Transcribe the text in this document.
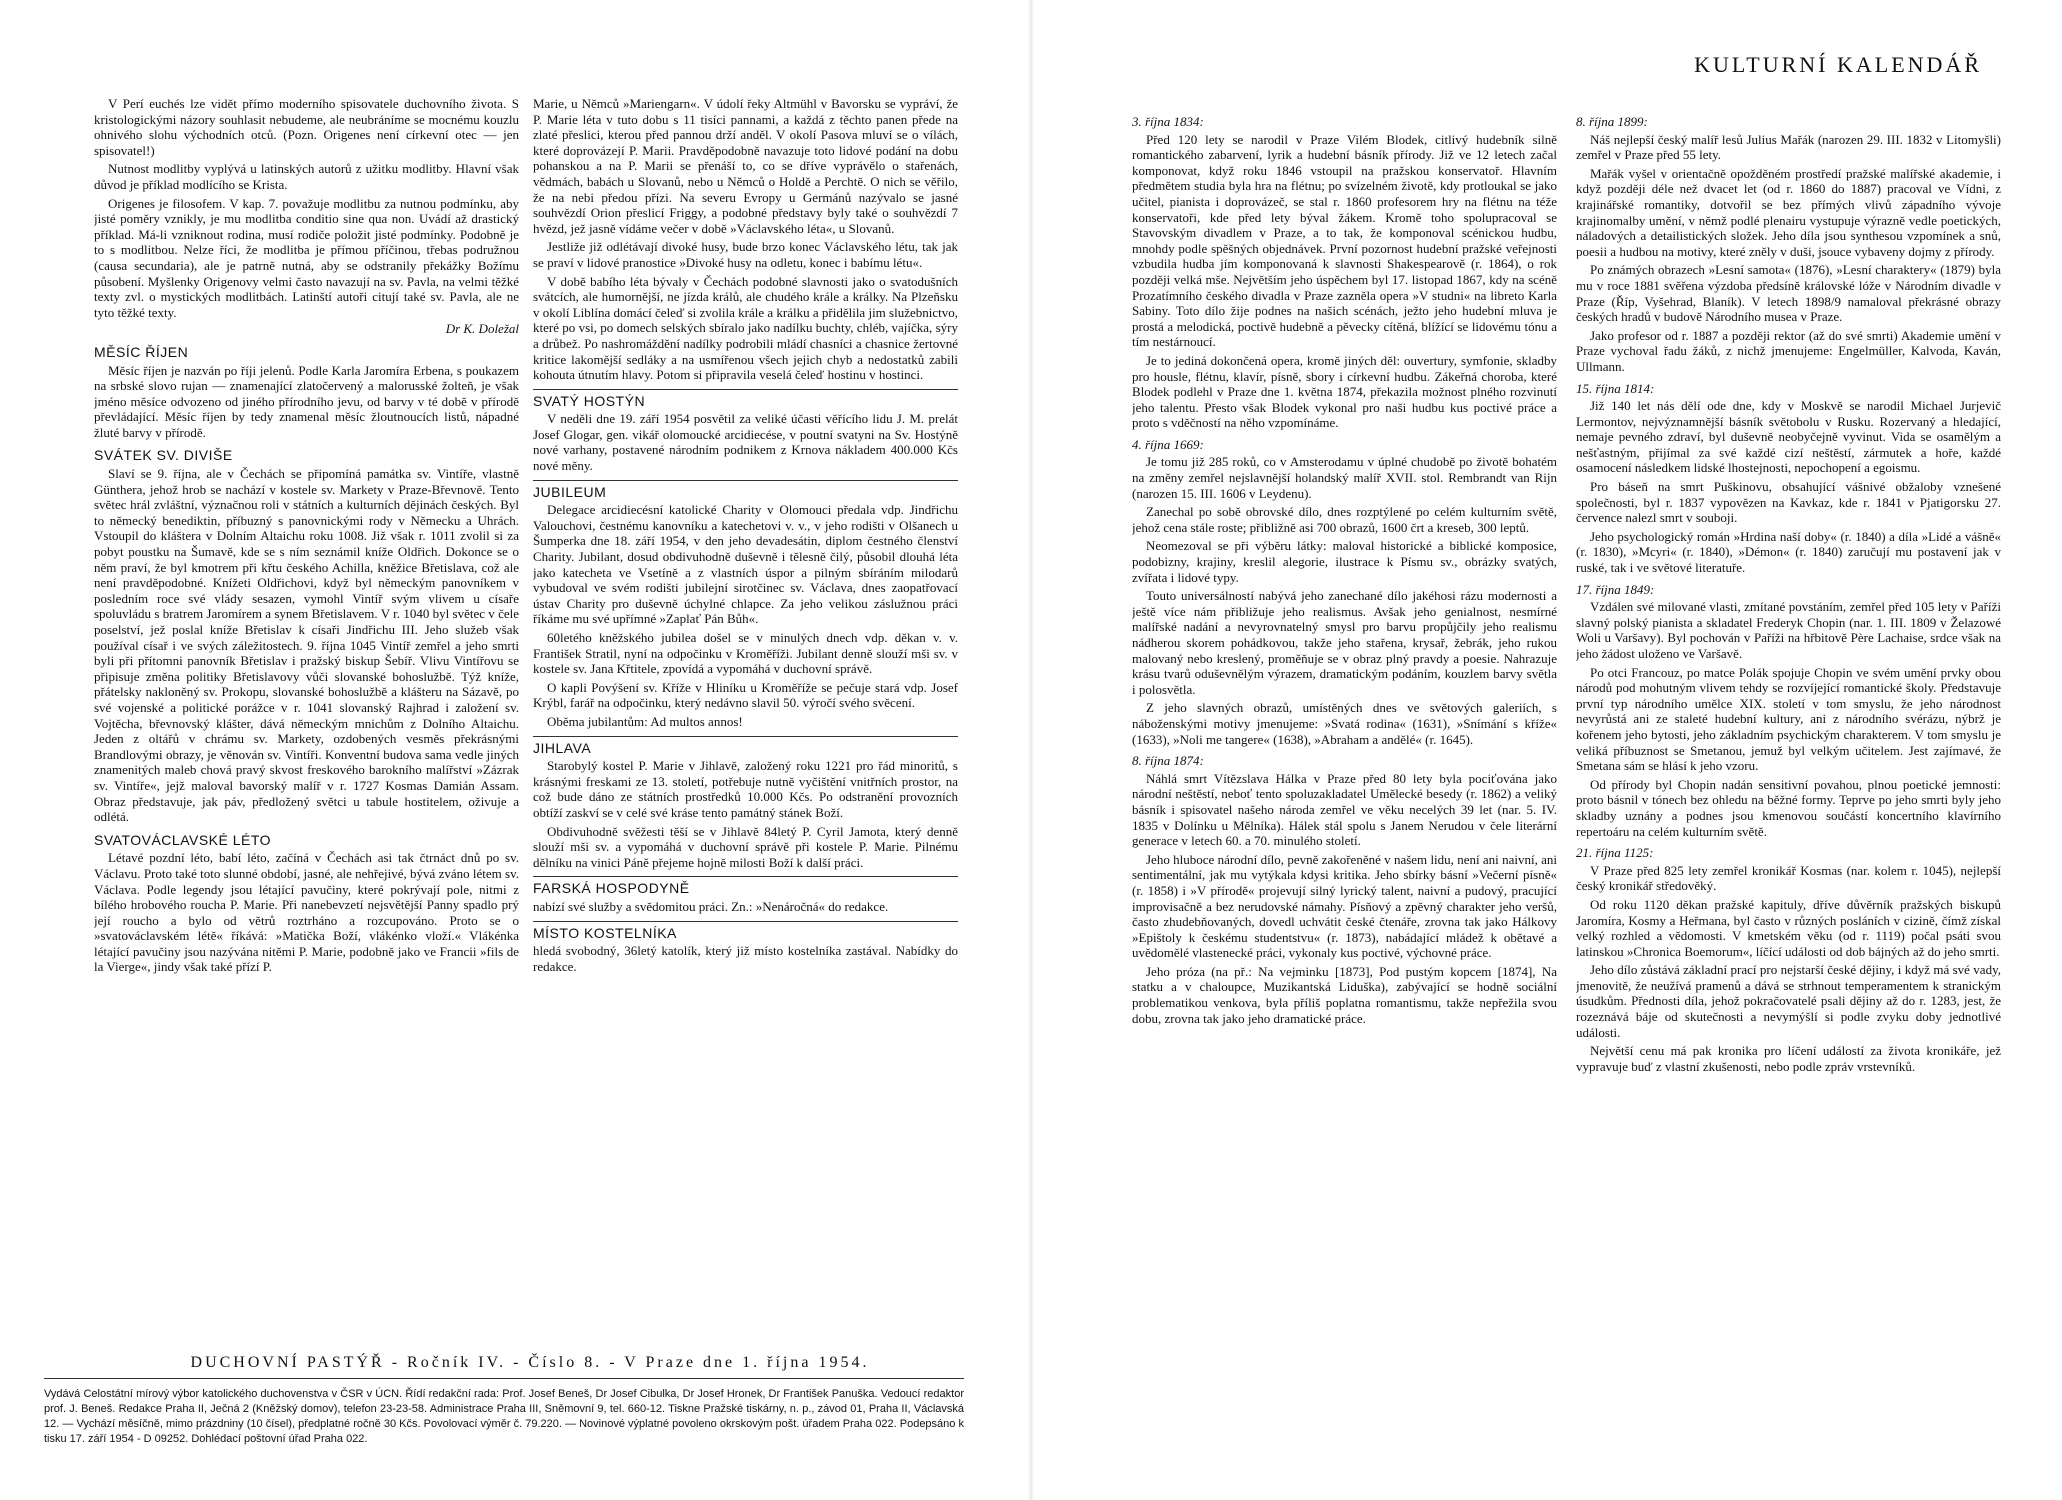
V Perí euchés lze vidět přímo moderního spisovatele duchovního života. S kristologickými názory souhlasit nebudeme, ale neubráníme se mocnému kouzlu ohnivého slohu východních otců. (Pozn. Origenes není církevní otec — jen spisovatel!)

Nutnost modlitby vyplývá u latinských autorů z užitku modlitby. Hlavní však důvod je příklad modlícího se Krista.

Origenes je filosofem. V kap. 7. považuje modlitbu za nutnou podmínku, aby jisté poměry vznikly, je mu modlitba conditio sine qua non. Uvádí až drastický příklad. Má-li vzniknout rodina, musí rodiče položit jisté podmínky. Podobně je to s modlitbou. Nelze říci, že modlitba je přímou příčinou, třebas podružnou (causa secundaria), ale je patrně nutná, aby se odstranily překážky Božímu působení. Myšlenky Origenovy velmi často navazují na sv. Pavla, na velmi těžké texty zvl. o mystických modlitbách. Latinští autoři citují také sv. Pavla, ale ne tyto těžké texty.

Dr K. Doležal

MĚSÍC ŘÍJEN

Měsíc říjen je nazván po říji jelenů. Podle Karla Jaromíra Erbena, s poukazem na srbské slovo rujan — znamenající zlatočervený a malorusské žolteň, je však jméno měsíce odvozeno od jiného přírodního jevu, od barvy v té době v přírodě převládající. Měsíc říjen by tedy znamenal měsíc žloutnoucích listů, nápadné žluté barvy v přírodě.

SVÁTEK SV. DIVIŠE

Slaví se 9. října, ale v Čechách se připomíná památka sv. Vintíře, vlastně Günthera, jehož hrob se nachází v kostele sv. Markety v Praze-Břevnově. Tento světec hrál zvláštní, význačnou roli v státních a kulturních dějinách českých. Byl to německý benediktin, příbuzný s panovnickými rody v Německu a Uhrách. Vstoupil do kláštera v Dolním Altaichu roku 1008. Již však r. 1011 zvolil si za pobyt poustku na Šumavě, kde se s ním seznámil kníže Oldřich. Dokonce se o něm praví, že byl kmotrem při křtu českého Achilla, kněžice Břetislava, což ale není pravděpodobné. Knížeti Oldřichovi, když byl německým panovníkem v posledním roce své vlády sesazen, vymohl Vintíř svým vlivem u císaře spoluvládu s bratrem Jaromírem a synem Břetislavem. V r. 1040 byl světec v čele poselství, jež poslal kníže Břetislav k císaři Jindřichu III. Jeho služeb však používal císař i ve svých záležitostech. 9. října 1045 Vintíř zemřel a jeho smrti byli při přítomni panovník Břetislav i pražský biskup Šebíř. Vlivu Vintířovu se připisuje změna politiky Břetislavovy vůči slovanské bohoslužbě. Týž kníže, přátelsky nakloněný sv. Prokopu, slovanské bohoslužbě a klášteru na Sázavě, po své vojenské a politické porážce v r. 1041 slovanský Rajhrad i založení sv. Vojtěcha, břevnovský klášter, dává německým mnichům z Dolního Altaichu. Jeden z oltářů v chrámu sv. Markety, ozdobených vesměs překrásnými Brandlovými obrazy, je věnován sv. Vintíři. Konventní budova sama vedle jiných znamenitých maleb chová pravý skvost freskového barokního malířství »Zázrak sv. Vintíře«, jejž maloval bavorský malíř v r. 1727 Kosmas Damián Assam. Obraz představuje, jak páv, předložený světci u tabule hostitelem, oživuje a odlétá.

SVATOVÁCLAVSKÉ LÉTO

Létavé pozdní léto, babí léto, začíná v Čechách asi tak čtrnáct dnů po sv. Václavu. Proto také toto slunné období, jasné, ale nehřejivé, bývá zváno létem sv. Václava. Podle legendy jsou létající pavučiny, které pokrývají pole, nitmi z bílého hrobového roucha P. Marie. Při nanebevzetí nejsvětější Panny spadlo prý její roucho a bylo od větrů roztrháno a rozcupováno. Proto se o »svatováclavském létě« říkává: »Matička Boží, vlákénko vloží.« Vlákénka létající pavučiny jsou nazývána nitěmi P. Marie, podobně jako ve Francii »fils de la Vierge«, jindy však také přízí P.

Marie, u Němců »Mariengarn«. V údolí řeky Altmühl v Bavorsku se vypráví, že P. Marie léta v tuto dobu s 11 tisíci pannami, a každá z těchto panen přede na zlaté přeslici, kterou před pannou drží anděl. V okolí Pasova mluví se o vílách, které doprovázejí P. Marii. Pravděpodobně navazuje toto lidové podání na dobu pohanskou a na P. Marii se přenáší to, co se dříve vyprávělo o stařenách, vědmách, babách u Slovanů, nebo u Němců o Holdě a Perchtě. O nich se věřilo, že na nebi předou přízi. Na severu Evropy u Germánů nazývalo se jasné souhvězdí Orion přeslicí Friggy, a podobné představy byly také o souhvězdí 7 hvězd, jež jasně vídáme večer v době »Václavského léta«, u Slovanů.

Jestliže již odlétávají divoké husy, bude brzo konec Václavského létu, tak jak se praví v lidové pranostice »Divoké husy na odletu, konec i babímu létu«.

V době babího léta bývaly v Čechách podobné slavnosti jako o svatodušních svátcích, ale humornější, ne jízda králů, ale chudého krále a králky. Na Plzeňsku v okolí Liblína domácí čeleď si zvolila krále a králku a přidělila jim služebnictvo, které po vsi, po domech selských sbíralo jako nadílku buchty, chléb, vajíčka, sýry a drůbež. Po nashromáždění nadílky podrobili mládí chasníci a chasnice žertovné kritice lakomější sedláky a na usmířenou všech jejich chyb a nedostatků zabili kohouta útnutím hlavy. Potom si připravila veselá čeleď hostinu v hostinci.

SVATÝ HOSTÝN

V neděli dne 19. září 1954 posvětil za veliké účasti věřícího lidu J. M. prelát Josef Glogar, gen. vikář olomoucké arcidiecése, v poutní svatyni na Sv. Hostýně nové varhany, postavené národním podnikem z Krnova nákladem 400.000 Kčs nové měny.

JUBILEUM

Delegace arcidiecésní katolické Charity v Olomouci předala vdp. Jindřichu Valouchovi, čestnému kanovníku a katechetovi v. v., v jeho rodišti v Olšanech u Šumperka dne 18. září 1954, v den jeho devadesátin, diplom čestného členství Charity. Jubilant, dosud obdivuhodně duševně i tělesně čilý, působil dlouhá léta jako katecheta ve Vsetíně a z vlastních úspor a pilným sbíráním milodarů vybudoval ve svém rodišti jubilejní sirotčinec sv. Václava, dnes zaopatřovací ústav Charity pro duševně úchylné chlapce. Za jeho velikou záslužnou práci říkáme mu své upřímné »Zaplať Pán Bůh«.

60letého kněžského jubilea došel se v minulých dnech vdp. děkan v. v. František Stratil, nyní na odpočinku v Kroměříži. Jubilant denně slouží mši sv. v kostele sv. Jana Křtitele, zpovídá a vypomáhá v duchovní správě.

O kapli Povýšení sv. Kříže v Hliníku u Kroměříže se pečuje stará vdp. Josef Krýbl, farář na odpočinku, který nedávno slavil 50. výročí svého svěcení.

Oběma jubilantům: Ad multos annos!

JIHLAVA

Starobylý kostel P. Marie v Jihlavě, založený roku 1221 pro řád minoritů, s krásnými freskami ze 13. století, potřebuje nutně vyčištění vnitřních prostor, na což bude dáno ze státních prostředků 10.000 Kčs. Po odstranění provozních obtíží zaskví se v celé své kráse tento památný stánek Boží.

Obdivuhodně svěžesti těší se v Jihlavě 84letý P. Cyril Jamota, který denně slouží mši sv. a vypomáhá v duchovní správě při kostele P. Marie. Pilnému dělníku na vinici Páně přejeme hojně milosti Boží k další práci.

FARSKÁ HOSPODYNĚ

nabízí své služby a svědomitou práci. Zn.: »Nenáročná« do redakce.

MÍSTO KOSTELNÍKA

hledá svobodný, 36letý katolík, který již místo kostelníka zastával. Nabídky do redakce.

DUCHOVNÍ PASTÝŘ - Ročník IV. - Číslo 8. - V Praze dne 1. října 1954.
Vydává Celostátní mírový výbor katolického duchovenstva v ČSR v ÚCN. Řídí redakční rada: Prof. Josef Beneš, Dr Josef Cibulka, Dr Josef Hronek, Dr František Panuška. Vedoucí redaktor prof. J. Beneš. Redakce Praha II, Ječná 2 (Kněžský domov), telefon 23-23-58. Administrace Praha III, Sněmovní 9, tel. 660-12. Tiskne Pražské tiskárny, n. p., závod 01, Praha II, Václavská 12. — Vychází měsíčně, mimo prázdniny (10 čísel), předplatné ročně 30 Kčs. Povolovací výměr č. 79.220. — Novinové výplatné povoleno okrskovým pošt. úřadem Praha 022. Podepsáno k tisku 17. září 1954 - D 09252. Dohlédací poštovní úřad Praha 022.
KULTURNÍ KALENDÁŘ
3. října 1834:

Před 120 lety se narodil v Praze Vilém Blodek, citlivý hudebník silně romantického zabarvení, lyrik a hudební básník přírody. Již ve 12 letech začal komponovat, když roku 1846 vstoupil na pražskou konservatoř. Hlavním předmětem studia byla hra na flétnu; po svízelném životě, kdy protloukal se jako učitel, pianista i doprovázeč, se stal r. 1860 profesorem hry na flétnu na téže konservatoři, kde před lety býval žákem. Kromě toho spolupracoval se Stavovským divadlem v Praze, a to tak, že komponoval scénickou hudbu, mnohdy podle spěšných objednávek. První pozornost hudební pražské veřejnosti vzbudila hudba jím komponovaná k slavnosti Shakespearově (r. 1864), o rok později velká mše. Největším jeho úspěchem byl 17. listopad 1867, kdy na scéně Prozatímního českého divadla v Praze zazněla opera »V studni« na libreto Karla Sabiny. Toto dílo žije podnes na našich scénách, ježto jeho hudební mluva je prostá a melodická, poctivě hudebně a pěvecky cítěná, blížící se lidovému tónu a tím nestárnoucí.

Je to jediná dokončená opera, kromě jiných děl: ouvertury, symfonie, skladby pro housle, flétnu, klavír, písně, sbory i církevní hudbu. Zákeřná choroba, které Blodek podlehl v Praze dne 1. května 1874, překazila možnost plného rozvinutí jeho talentu. Přesto však Blodek vykonal pro naši hudbu kus poctivé práce a proto s vděčností na něho vzpomínáme.

4. října 1669:

Je tomu již 285 roků, co v Amsterodamu v úplné chudobě po životě bohatém na změny zemřel nejslavnější holandský malíř XVII. stol. Rembrandt van Rijn (narozen 15. III. 1606 v Leydenu).

Zanechal po sobě obrovské dílo, dnes rozptýlené po celém kulturním světě, jehož cena stále roste; přibližně asi 700 obrazů, 1600 črt a kreseb, 300 leptů.

Neomezoval se při výběru látky: maloval historické a biblické komposice, podobizny, krajiny, kreslil alegorie, ilustrace k Písmu sv., obrázky svatých, zvířata i lidové typy.

Touto universálností nabývá jeho zanechané dílo jakéhosi rázu modernosti a ještě více nám přibližuje jeho realismus. Avšak jeho genialnost, nesmírné malířské nadání a nevyrovnatelný smysl pro barvu propůjčily jeho realismu nádherou skorem pohádkovou, takže jeho stařena, krysař, žebrák, jeho rukou malovaný nebo kreslený, proměňuje se v obraz plný pravdy a poesie. Nahrazuje krásu tvarů oduševnělým výrazem, dramatickým podáním, kouzlem barvy světla i polosvětla.

Z jeho slavných obrazů, umístěných dnes ve světových galeriích, s náboženskými motivy jmenujeme: »Svatá rodina« (1631), »Snímání s kříže« (1633), »Noli me tangere« (1638), »Abraham a andělé« (r. 1645).

8. října 1874:

Náhlá smrt Vítězslava Hálka v Praze před 80 lety byla pociťována jako národní neštěstí, neboť tento spoluzakladatel Umělecké besedy (r. 1862) a veliký básník i spisovatel našeho národa zemřel ve věku necelých 39 let (nar. 5. IV. 1835 v Dolínku u Mělníka). Hálek stál spolu s Janem Nerudou v čele literární generace v letech 60. a 70. minulého století.

Jeho hluboce národní dílo, pevně zakořeněné v našem lidu, není ani naivní, ani sentimentální, jak mu vytýkala kdysi kritika. Jeho sbírky básní »Večerní písně« (r. 1858) i »V přírodě« projevují silný lyrický talent, naivní a pudový, pracující improvisačně a bez nerudovské námahy. Písňový a zpěvný charakter jeho veršů, často zhudebňovaných, dovedl uchvátit české čtenáře, zrovna tak jako Hálkovy »Epištoly k českému studentstvu« (r. 1873), nabádající mládež k obětavé a uvědomělé vlastenecké práci, vykonaly kus poctivé, výchovné práce.

Jeho próza (na př.: Na vejminku [1873], Pod pustým kopcem [1874], Na statku a v chaloupce, Muzikantská Liduška), zabývající se hodně sociální problematikou venkova, byla příliš poplatna romantismu, takže nepřežila svou dobu, zrovna tak jako jeho dramatické práce.

8. října 1899:

Náš nejlepší český malíř lesů Julius Mařák (narozen 29. III. 1832 v Litomyšli) zemřel v Praze před 55 lety.

Mařák vyšel v orientačně opožděném prostředí pražské malířské akademie, i když později déle než dvacet let (od r. 1860 do 1887) pracoval ve Vídni, z krajinářské romantiky, dotvořil se bez přímých vlivů západního vývoje krajinomalby umění, v němž podlé plenairu vystupuje výrazně vedle poetických, náladových a detailistických složek. Jeho díla jsou synthesou vzpomínek a snů, poesii a hudbou na motivy, které zněly v duši, jsouce vybaveny dojmy z přírody.

Po známých obrazech »Lesní samota« (1876), »Lesní charaktery« (1879) byla mu v roce 1881 svěřena výzdoba předsíně královské lóže v Národním divadle v Praze (Říp, Vyšehrad, Blaník). V letech 1898/9 namaloval překrásné obrazy českých hradů v budově Národního musea v Praze.

Jako profesor od r. 1887 a později rektor (až do své smrti) Akademie umění v Praze vychoval řadu žáků, z nichž jmenujeme: Engelmüller, Kalvoda, Kaván, Ullmann.

15. října 1814:

Již 140 let nás dělí ode dne, kdy v Moskvě se narodil Michael Jurjevič Lermontov, nejvýznamnější básník světobolu v Rusku. Rozervaný a hledající, nemaje pevného zdraví, byl duševně neobyčejně vyvinut. Vida se osamělým a nešťastným, přijímal za své každé cizí neštěstí, zármutek a hoře, každé osamocení následkem lidské lhostejnosti, nepochopení a egoismu.

Pro báseň na smrt Puškinovu, obsahující vášnivé obžaloby vznešené společnosti, byl r. 1837 vypovězen na Kavkaz, kde r. 1841 v Pjatigorsku 27. července nalezl smrt v souboji.

Jeho psychologický román »Hrdina naší doby« (r. 1840) a díla »Lidé a vášně« (r. 1830), »Mcyri« (r. 1840), »Démon« (r. 1840) zaručují mu postavení jak v ruské, tak i ve světové literatuře.

17. října 1849:

Vzdálen své milované vlasti, zmítané povstáním, zemřel před 105 lety v Paříži slavný polský pianista a skladatel Frederyk Chopin (nar. 1. III. 1809 v Želazowé Woli u Varšavy). Byl pochován v Paříži na hřbitově Père Lachaise, srdce však na jeho žádost uloženo ve Varšavě.

Po otci Francouz, po matce Polák spojuje Chopin ve svém umění prvky obou národů pod mohutným vlivem tehdy se rozvíjející romantické školy. Představuje první typ národního umělce XIX. století v tom smyslu, že jeho národnost nevyrůstá ani ze staleté hudební kultury, ani z národního svérázu, nýbrž je kořenem jeho bytosti, jeho základním psychickým charakterem. V tom smyslu je veliká příbuznost se Smetanou, jemuž byl velkým učitelem. Jest zajímavé, že Smetana sám se hlásí k jeho vzoru.

Od přírody byl Chopin nadán sensitivní povahou, plnou poetické jemnosti: proto básnil v tónech bez ohledu na běžné formy. Teprve po jeho smrti byly jeho skladby uznány a podnes jsou kmenovou součástí koncertního klavírního repertoáru na celém kulturním světě.

21. října 1125:

V Praze před 825 lety zemřel kronikář Kosmas (nar. kolem r. 1045), nejlepší český kronikář středověký.

Od roku 1120 děkan pražské kapituly, dříve důvěrník pražských biskupů Jaromíra, Kosmy a Heřmana, byl často v různých posláních v cizině, čímž získal velký rozhled a vědomosti. V kmetském věku (od r. 1119) počal psáti svou latinskou »Chronica Boemorum«, líčící události od dob bájných až do jeho smrti.

Jeho dílo zůstává základní prací pro nejstarší české dějiny, i když má své vady, jmenovitě, že neužívá pramenů a dává se strhnout temperamentem k stranickým úsudkům. Přednosti díla, jehož pokračovatelé psali dějiny až do r. 1283, jest, že rozeznává báje od skutečnosti a nevymýšlí si podle zvyku doby jednotlivé události.

Největší cenu má pak kronika pro líčení událostí za života kronikáře, jež vypravuje buď z vlastní zkušenosti, nebo podle zpráv vrstevníků.
